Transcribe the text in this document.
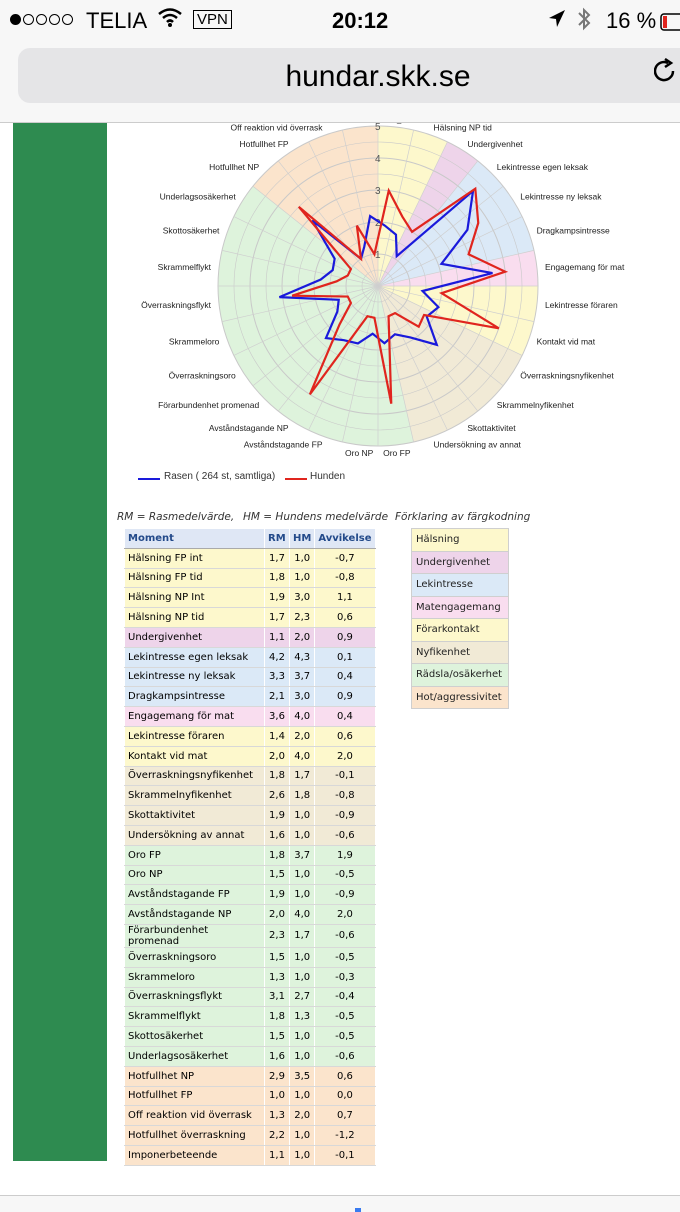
TELIA	VPN	20:12	16 %
hundar.skk.se
1
2
3
4
5	Hälsning NP tid
Undergivenhet
Lekintresse egen leksak
Lekintresse ny leksak
Dragkampsintresse
Engagemang för mat
Lekintresse föraren
Kontakt vid mat
Överraskningsnyfikenhet
Skrammelnyfikenhet
Skottaktivitet
Undersökning av annat
Oro FP
Oro NP
Avståndstagande FP
Avståndstagande NP
Förarbundenhet promenad
Överraskningsoro
Skrammeloro
Överraskningsflykt
Skrammelflykt
Skottosäkerhet
Underlagsosäkerhet
Hotfullhet NP
Hotfullhet FP
Off reaktion vid överrask
Rasen ( 264 st, samtliga)	Hunden
RM = Rasmedelvärde, HM = Hundens medelvärde Förklaring av färgkodning
Moment	RM	HM	Avvikelse
Hälsning FP int	1,7	1,0	-0,7
Hälsning FP tid	1,8	1,0	-0,8
Hälsning NP Int	1,9	3,0	1,1
Hälsning NP tid	1,7	2,3	0,6
Undergivenhet	1,1	2,0	0,9
Lekintresse egen leksak	4,2	4,3	0,1
Lekintresse ny leksak	3,3	3,7	0,4
Dragkampsintresse	2,1	3,0	0,9
Engagemang för mat	3,6	4,0	0,4
Lekintresse föraren	1,4	2,0	0,6
Kontakt vid mat	2,0	4,0	2,0
Överraskningsnyfikenhet	1,8	1,7	-0,1
Skrammelnyfikenhet	2,6	1,8	-0,8
Skottaktivitet	1,9	1,0	-0,9
Undersökning av annat	1,6	1,0	-0,6
Oro FP	1,8	3,7	1,9
Oro NP	1,5	1,0	-0,5
Avståndstagande FP	1,9	1,0	-0,9
Avståndstagande NP	2,0	4,0	2,0
Förarbundenhet promenad	2,3	1,7	-0,6
Överraskningsoro	1,5	1,0	-0,5
Skrammeloro	1,3	1,0	-0,3
Överraskningsflykt	3,1	2,7	-0,4
Skrammelflykt	1,8	1,3	-0,5
Skottosäkerhet	1,5	1,0	-0,5
Underlagsosäkerhet	1,6	1,0	-0,6
Hotfullhet NP	2,9	3,5	0,6
Hotfullhet FP	1,0	1,0	0,0
Off reaktion vid överrask	1,3	2,0	0,7
Hotfullhet överraskning	2,2	1,0	-1,2
Imponerbeteende	1,1	1,0	-0,1
Hälsning
Undergivenhet
Lekintresse
Matengagemang
Förarkontakt
Nyfikenhet
Rädsla/osäkerhet
Hot/aggressivitet
